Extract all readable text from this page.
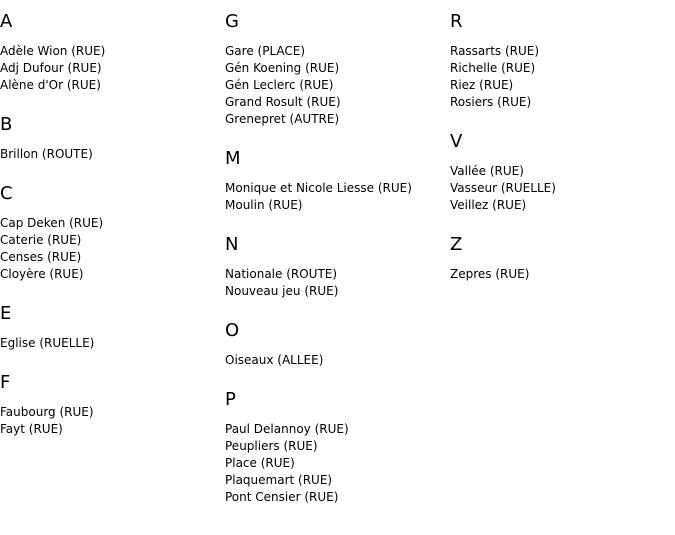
A
Adèle Wion (RUE)
Adj Dufour (RUE)
Alène d'Or (RUE)
B
Brillon (ROUTE)
C
Cap Deken (RUE)
Caterie (RUE)
Censes (RUE)
Cloyère (RUE)
E
Eglise (RUELLE)
F
Faubourg (RUE)
Fayt (RUE)
G
Gare (PLACE)
Gén Koening (RUE)
Gén Leclerc (RUE)
Grand Rosult (RUE)
Grenepret (AUTRE)
M
Monique et Nicole Liesse (RUE)
Moulin (RUE)
N
Nationale (ROUTE)
Nouveau jeu (RUE)
O
Oiseaux (ALLEE)
P
Paul Delannoy (RUE)
Peupliers (RUE)
Place (RUE)
Plaquemart (RUE)
Pont Censier (RUE)
R
Rassarts (RUE)
Richelle (RUE)
Riez (RUE)
Rosiers (RUE)
V
Vallée (RUE)
Vasseur (RUELLE)
Veillez (RUE)
Z
Zepres (RUE)
